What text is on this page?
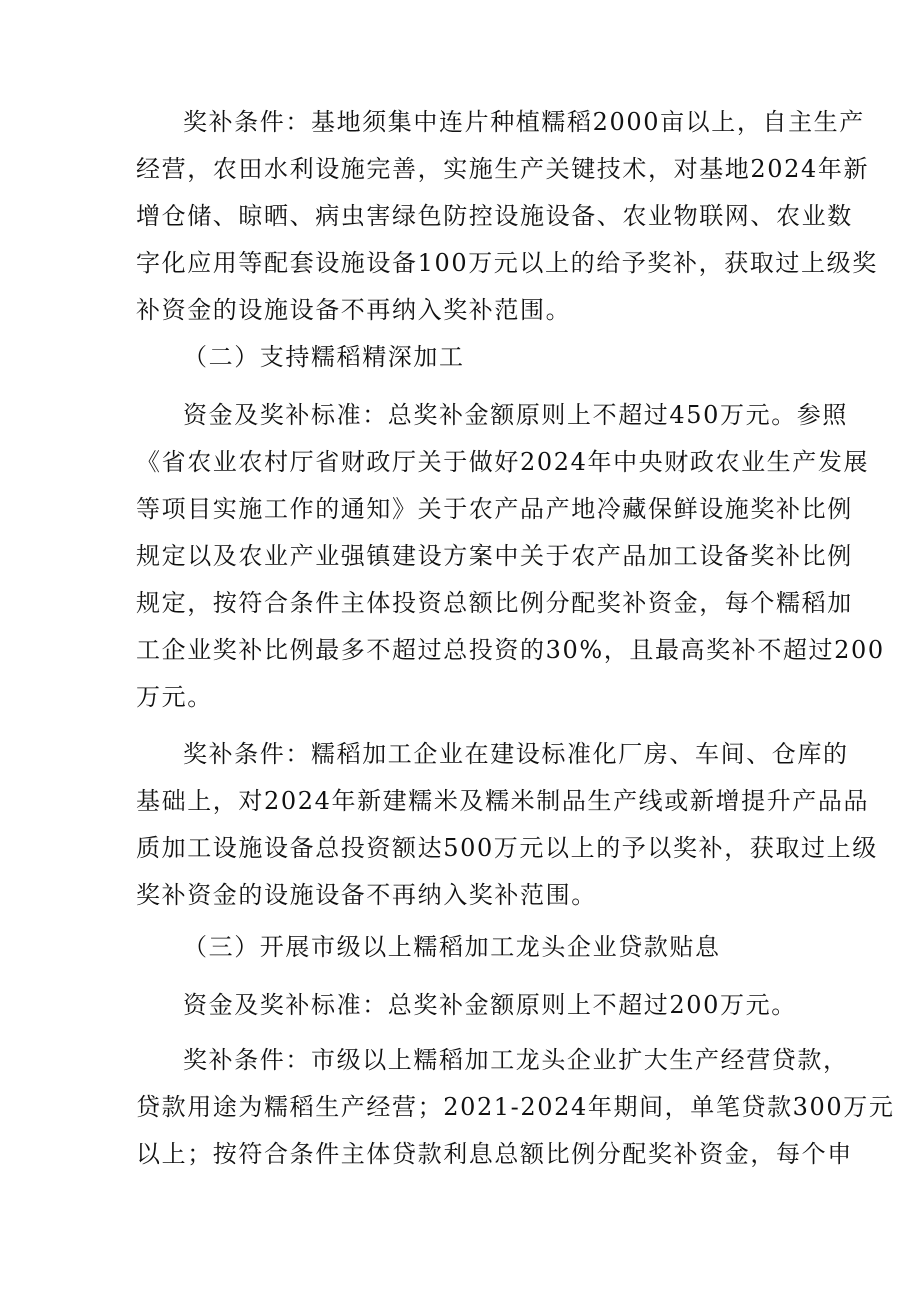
奖补条件：基地须集中连片种植糯稻2000亩以上，自主生产
经营，农田水利设施完善，实施生产关键技术，对基地2024年新
增仓储、晾晒、病虫害绿色防控设施设备、农业物联网、农业数
字化应用等配套设施设备100万元以上的给予奖补，获取过上级奖
补资金的设施设备不再纳入奖补范围。
（二）支持糯稻精深加工
资金及奖补标准：总奖补金额原则上不超过450万元。参照
《省农业农村厅省财政厅关于做好2024年中央财政农业生产发展
等项目实施工作的通知》关于农产品产地冷藏保鲜设施奖补比例
规定以及农业产业强镇建设方案中关于农产品加工设备奖补比例
规定，按符合条件主体投资总额比例分配奖补资金，每个糯稻加
工企业奖补比例最多不超过总投资的30%，且最高奖补不超过200
万元。
奖补条件：糯稻加工企业在建设标准化厂房、车间、仓库的
基础上，对2024年新建糯米及糯米制品生产线或新增提升产品品
质加工设施设备总投资额达500万元以上的予以奖补，获取过上级
奖补资金的设施设备不再纳入奖补范围。
（三）开展市级以上糯稻加工龙头企业贷款贴息
资金及奖补标准：总奖补金额原则上不超过200万元。
奖补条件：市级以上糯稻加工龙头企业扩大生产经营贷款，
贷款用途为糯稻生产经营；2021-2024年期间，单笔贷款300万元
以上；按符合条件主体贷款利息总额比例分配奖补资金，每个申
